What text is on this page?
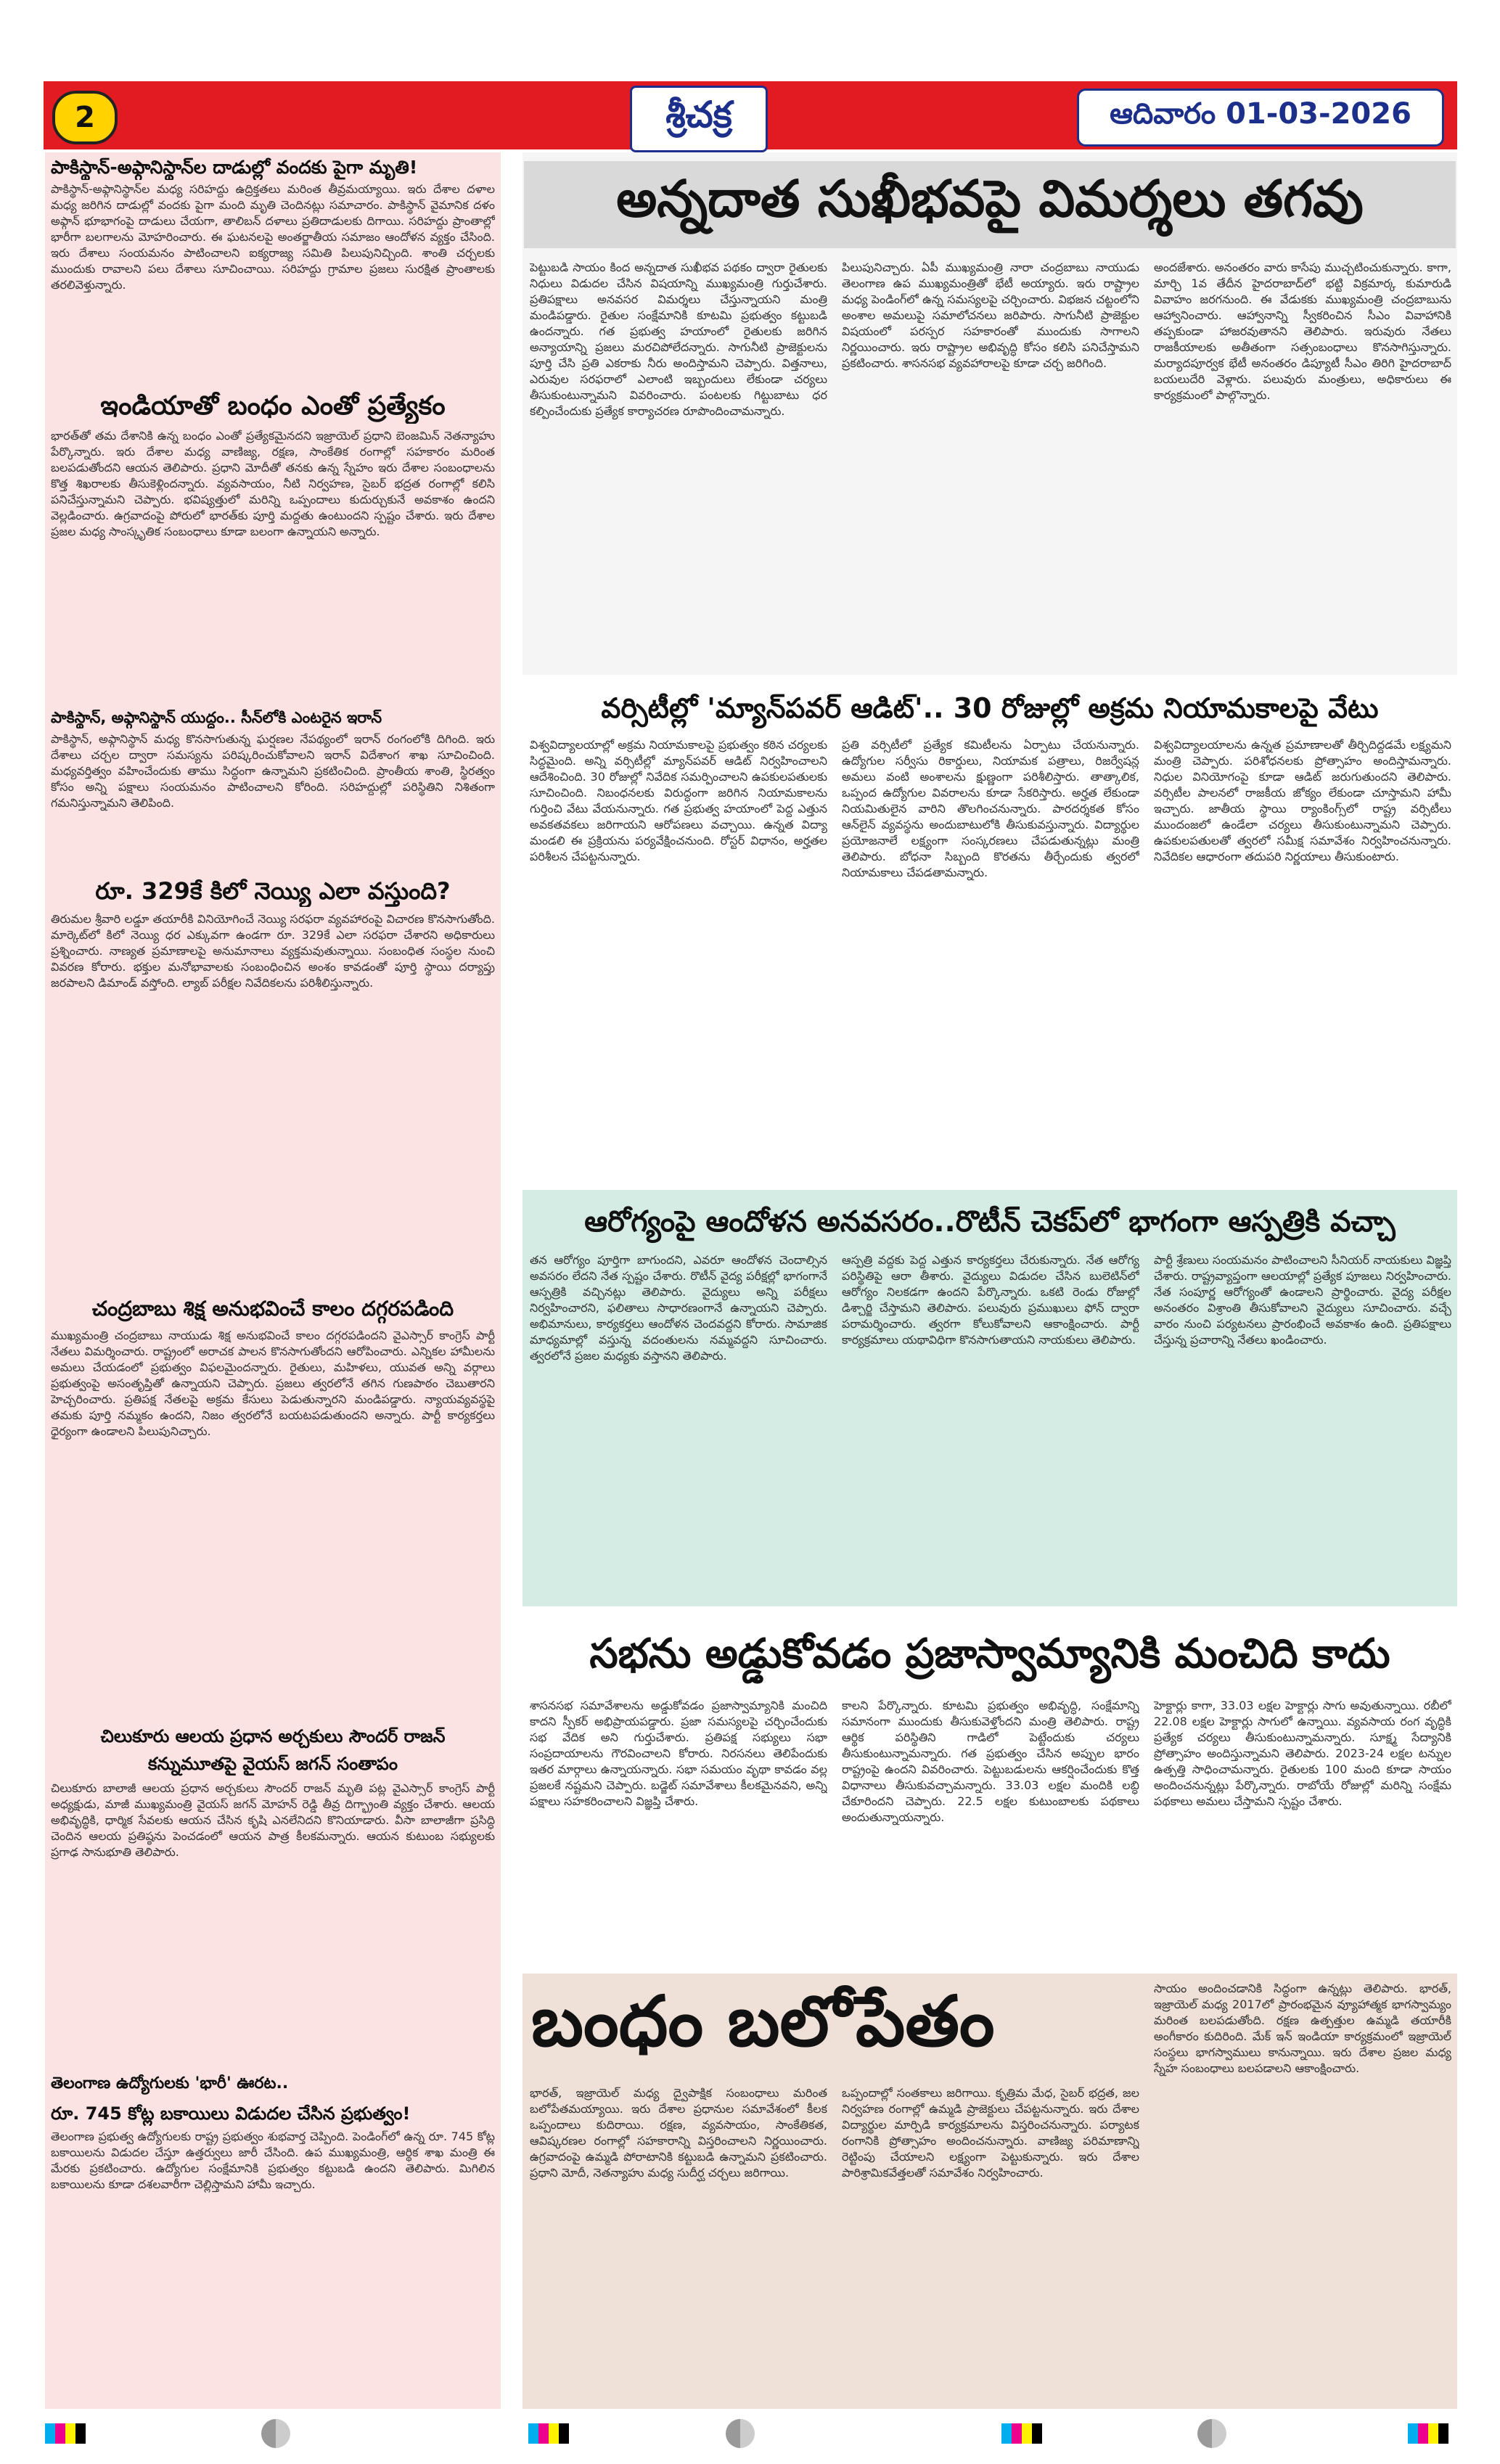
2	శ్రీచక్ర	ఆదివారం 01-03-2026
పాకిస్థాన్-అఫ్గానిస్థాన్‌ల దాడుల్లో వందకు పైగా మృతి!
పాకిస్థాన్-అఫ్గానిస్థాన్‌ల మధ్య సరిహద్దు ఉద్రిక్తతలు మరింత తీవ్రమయ్యాయి. ఇరు దేశాల దళాల మధ్య జరిగిన దాడుల్లో వందకు పైగా మంది మృతి చెందినట్లు సమాచారం. పాకిస్థాన్ వైమానిక దళం అఫ్గాన్ భూభాగంపై దాడులు చేయగా, తాలిబన్ దళాలు ప్రతిదాడులకు దిగాయి. సరిహద్దు ప్రాంతాల్లో భారీగా బలగాలను మోహరించారు. ఈ ఘటనలపై అంతర్జాతీయ సమాజం ఆందోళన వ్యక్తం చేసింది. ఇరు దేశాలు సంయమనం పాటించాలని ఐక్యరాజ్య సమితి పిలుపునిచ్చింది. శాంతి చర్చలకు ముందుకు రావాలని పలు దేశాలు సూచించాయి. సరిహద్దు గ్రామాల ప్రజలు సురక్షిత ప్రాంతాలకు తరలివెళ్తున్నారు.
ఇండియాతో బంధం ఎంతో ప్రత్యేకం
భారత్‌తో తమ దేశానికి ఉన్న బంధం ఎంతో ప్రత్యేకమైనదని ఇజ్రాయెల్ ప్రధాని బెంజమిన్ నెతన్యాహు పేర్కొన్నారు. ఇరు దేశాల మధ్య వాణిజ్య, రక్షణ, సాంకేతిక రంగాల్లో సహకారం మరింత బలపడుతోందని ఆయన తెలిపారు. ప్రధాని మోదీతో తనకు ఉన్న స్నేహం ఇరు దేశాల సంబంధాలను కొత్త శిఖరాలకు తీసుకెళ్లిందన్నారు. వ్యవసాయం, నీటి నిర్వహణ, సైబర్ భద్రత రంగాల్లో కలిసి పనిచేస్తున్నామని చెప్పారు. భవిష్యత్తులో మరిన్ని ఒప్పందాలు కుదుర్చుకునే అవకాశం ఉందని వెల్లడించారు. ఉగ్రవాదంపై పోరులో భారత్‌కు పూర్తి మద్దతు ఉంటుందని స్పష్టం చేశారు. ఇరు దేశాల ప్రజల మధ్య సాంస్కృతిక సంబంధాలు కూడా బలంగా ఉన్నాయని అన్నారు.
పాకిస్థాన్, అఫ్గానిస్థాన్ యుద్ధం.. సీన్‌లోకి ఎంటరైన ఇరాన్
పాకిస్థాన్, అఫ్గానిస్థాన్ మధ్య కొనసాగుతున్న ఘర్షణల నేపథ్యంలో ఇరాన్ రంగంలోకి దిగింది. ఇరు దేశాలు చర్చల ద్వారా సమస్యను పరిష్కరించుకోవాలని ఇరాన్ విదేశాంగ శాఖ సూచించింది. మధ్యవర్తిత్వం వహించేందుకు తాము సిద్ధంగా ఉన్నామని ప్రకటించింది. ప్రాంతీయ శాంతి, స్థిరత్వం కోసం అన్ని పక్షాలు సంయమనం పాటించాలని కోరింది. సరిహద్దుల్లో పరిస్థితిని నిశితంగా గమనిస్తున్నామని తెలిపింది.
రూ. 329కే కిలో నెయ్యి ఎలా వస్తుంది?
తిరుమల శ్రీవారి లడ్డూ తయారీకి వినియోగించే నెయ్యి సరఫరా వ్యవహారంపై విచారణ కొనసాగుతోంది. మార్కెట్‌లో కిలో నెయ్యి ధర ఎక్కువగా ఉండగా రూ. 329కే ఎలా సరఫరా చేశారని అధికారులు ప్రశ్నించారు. నాణ్యత ప్రమాణాలపై అనుమానాలు వ్యక్తమవుతున్నాయి. సంబంధిత సంస్థల నుంచి వివరణ కోరారు. భక్తుల మనోభావాలకు సంబంధించిన అంశం కావడంతో పూర్తి స్థాయి దర్యాప్తు జరపాలని డిమాండ్ వస్తోంది. ల్యాబ్ పరీక్షల నివేదికలను పరిశీలిస్తున్నారు.
చంద్రబాబు శిక్ష అనుభవించే కాలం దగ్గరపడింది
ముఖ్యమంత్రి చంద్రబాబు నాయుడు శిక్ష అనుభవించే కాలం దగ్గరపడిందని వైఎస్సార్ కాంగ్రెస్ పార్టీ నేతలు విమర్శించారు. రాష్ట్రంలో అరాచక పాలన కొనసాగుతోందని ఆరోపించారు. ఎన్నికల హామీలను అమలు చేయడంలో ప్రభుత్వం విఫలమైందన్నారు. రైతులు, మహిళలు, యువత అన్ని వర్గాలు ప్రభుత్వంపై అసంతృప్తితో ఉన్నాయని చెప్పారు. ప్రజలు త్వరలోనే తగిన గుణపాఠం చెబుతారని హెచ్చరించారు. ప్రతిపక్ష నేతలపై అక్రమ కేసులు పెడుతున్నారని మండిపడ్డారు. న్యాయవ్యవస్థపై తమకు పూర్తి నమ్మకం ఉందని, నిజం త్వరలోనే బయటపడుతుందని అన్నారు. పార్టీ కార్యకర్తలు ధైర్యంగా ఉండాలని పిలుపునిచ్చారు.
చిలుకూరు ఆలయ ప్రధాన అర్చకులు సౌందర్ రాజన్
కన్నుమూతపై వైయస్ జగన్ సంతాపం
చిలుకూరు బాలాజీ ఆలయ ప్రధాన అర్చకులు సౌందర్ రాజన్ మృతి పట్ల వైఎస్సార్ కాంగ్రెస్ పార్టీ అధ్యక్షుడు, మాజీ ముఖ్యమంత్రి వైయస్ జగన్ మోహన్ రెడ్డి తీవ్ర దిగ్భ్రాంతి వ్యక్తం చేశారు. ఆలయ అభివృద్ధికి, ధార్మిక సేవలకు ఆయన చేసిన కృషి ఎనలేనిదని కొనియాడారు. వీసా బాలాజీగా ప్రసిద్ధి చెందిన ఆలయ ప్రతిష్ఠను పెంచడంలో ఆయన పాత్ర కీలకమన్నారు. ఆయన కుటుంబ సభ్యులకు ప్రగాఢ సానుభూతి తెలిపారు.
తెలంగాణ ఉద్యోగులకు 'భారీ' ఊరట..
రూ. 745 కోట్ల బకాయిలు విడుదల చేసిన ప్రభుత్వం!
తెలంగాణ ప్రభుత్వ ఉద్యోగులకు రాష్ట్ర ప్రభుత్వం శుభవార్త చెప్పింది. పెండింగ్‌లో ఉన్న రూ. 745 కోట్ల బకాయిలను విడుదల చేస్తూ ఉత్తర్వులు జారీ చేసింది. ఉప ముఖ్యమంత్రి, ఆర్థిక శాఖ మంత్రి ఈ మేరకు ప్రకటించారు. ఉద్యోగుల సంక్షేమానికి ప్రభుత్వం కట్టుబడి ఉందని తెలిపారు. మిగిలిన బకాయిలను కూడా దశలవారీగా చెల్లిస్తామని హామీ ఇచ్చారు.
అన్నదాత సుఖీభవపై విమర్శలు తగవు
పెట్టుబడి సాయం కింద అన్నదాత సుఖీభవ పథకం ద్వారా రైతులకు నిధులు విడుదల చేసిన విషయాన్ని ముఖ్యమంత్రి గుర్తుచేశారు. ప్రతిపక్షాలు అనవసర విమర్శలు చేస్తున్నాయని మంత్రి మండిపడ్డారు. రైతుల సంక్షేమానికి కూటమి ప్రభుత్వం కట్టుబడి ఉందన్నారు. గత ప్రభుత్వ హయాంలో రైతులకు జరిగిన అన్యాయాన్ని ప్రజలు మరచిపోలేదన్నారు. సాగునీటి ప్రాజెక్టులను పూర్తి చేసి ప్రతి ఎకరాకు నీరు అందిస్తామని చెప్పారు. విత్తనాలు, ఎరువుల సరఫరాలో ఎలాంటి ఇబ్బందులు లేకుండా చర్యలు తీసుకుంటున్నామని వివరించారు. పంటలకు గిట్టుబాటు ధర కల్పించేందుకు ప్రత్యేక కార్యాచరణ రూపొందించామన్నారు.
పిలుపునిచ్చారు. ఏపీ ముఖ్యమంత్రి నారా చంద్రబాబు నాయుడు తెలంగాణ ఉప ముఖ్యమంత్రితో భేటీ అయ్యారు. ఇరు రాష్ట్రాల మధ్య పెండింగ్‌లో ఉన్న సమస్యలపై చర్చించారు. విభజన చట్టంలోని అంశాల అమలుపై సమాలోచనలు జరిపారు. సాగునీటి ప్రాజెక్టుల విషయంలో పరస్పర సహకారంతో ముందుకు సాగాలని నిర్ణయించారు. ఇరు రాష్ట్రాల అభివృద్ధి కోసం కలిసి పనిచేస్తామని ప్రకటించారు. శాసనసభ వ్యవహారాలపై కూడా చర్చ జరిగింది.
అందజేశారు. అనంతరం వారు కాసేపు ముచ్చటించుకున్నారు. కాగా, మార్చి 1వ తేదీన హైదరాబాద్‌లో భట్టి విక్రమార్క కుమారుడి వివాహం జరగనుంది. ఈ వేడుకకు ముఖ్యమంత్రి చంద్రబాబును ఆహ్వానించారు. ఆహ్వానాన్ని స్వీకరించిన సీఎం వివాహానికి తప్పకుండా హాజరవుతానని తెలిపారు. ఇరువురు నేతలు రాజకీయాలకు అతీతంగా సత్సంబంధాలు కొనసాగిస్తున్నారు. మర్యాదపూర్వక భేటీ అనంతరం డిప్యూటీ సీఎం తిరిగి హైదరాబాద్ బయలుదేరి వెళ్లారు. పలువురు మంత్రులు, అధికారులు ఈ కార్యక్రమంలో పాల్గొన్నారు.
వర్సిటీల్లో 'మ్యాన్‌పవర్ ఆడిట్'.. 30 రోజుల్లో అక్రమ నియామకాలపై వేటు
విశ్వవిద్యాలయాల్లో అక్రమ నియామకాలపై ప్రభుత్వం కఠిన చర్యలకు సిద్ధమైంది. అన్ని వర్సిటీల్లో మ్యాన్‌పవర్ ఆడిట్ నిర్వహించాలని ఆదేశించింది. 30 రోజుల్లో నివేదిక సమర్పించాలని ఉపకులపతులకు సూచించింది. నిబంధనలకు విరుద్ధంగా జరిగిన నియామకాలను గుర్తించి వేటు వేయనున్నారు. గత ప్రభుత్వ హయాంలో పెద్ద ఎత్తున అవకతవకలు జరిగాయని ఆరోపణలు వచ్చాయి. ఉన్నత విద్యా మండలి ఈ ప్రక్రియను పర్యవేక్షించనుంది. రోస్టర్ విధానం, అర్హతల పరిశీలన చేపట్టనున్నారు.
ప్రతి వర్సిటీలో ప్రత్యేక కమిటీలను ఏర్పాటు చేయనున్నారు. ఉద్యోగుల సర్వీసు రికార్డులు, నియామక పత్రాలు, రిజర్వేషన్ల అమలు వంటి అంశాలను క్షుణ్ణంగా పరిశీలిస్తారు. తాత్కాలిక, ఒప్పంద ఉద్యోగుల వివరాలను కూడా సేకరిస్తారు. అర్హత లేకుండా నియమితులైన వారిని తొలగించనున్నారు. పారదర్శకత కోసం ఆన్‌లైన్ వ్యవస్థను అందుబాటులోకి తీసుకువస్తున్నారు. విద్యార్థుల ప్రయోజనాలే లక్ష్యంగా సంస్కరణలు చేపడుతున్నట్లు మంత్రి తెలిపారు. బోధనా సిబ్బంది కొరతను తీర్చేందుకు త్వరలో నియామకాలు చేపడతామన్నారు.
విశ్వవిద్యాలయాలను ఉన్నత ప్రమాణాలతో తీర్చిదిద్దడమే లక్ష్యమని మంత్రి చెప్పారు. పరిశోధనలకు ప్రోత్సాహం అందిస్తామన్నారు. నిధుల వినియోగంపై కూడా ఆడిట్ జరుగుతుందని తెలిపారు. వర్సిటీల పాలనలో రాజకీయ జోక్యం లేకుండా చూస్తామని హామీ ఇచ్చారు. జాతీయ స్థాయి ర్యాంకింగ్స్‌లో రాష్ట్ర వర్సిటీలు ముందంజలో ఉండేలా చర్యలు తీసుకుంటున్నామని చెప్పారు. ఉపకులపతులతో త్వరలో సమీక్ష సమావేశం నిర్వహించనున్నారు. నివేదికల ఆధారంగా తదుపరి నిర్ణయాలు తీసుకుంటారు.
ఆరోగ్యంపై ఆందోళన అనవసరం..రొటీన్ చెకప్‌లో భాగంగా ఆస్పత్రికి వచ్చా
తన ఆరోగ్యం పూర్తిగా బాగుందని, ఎవరూ ఆందోళన చెందాల్సిన అవసరం లేదని నేత స్పష్టం చేశారు. రొటీన్ వైద్య పరీక్షల్లో భాగంగానే ఆస్పత్రికి వచ్చినట్లు తెలిపారు. వైద్యులు అన్ని పరీక్షలు నిర్వహించారని, ఫలితాలు సాధారణంగానే ఉన్నాయని చెప్పారు. అభిమానులు, కార్యకర్తలు ఆందోళన చెందవద్దని కోరారు. సామాజిక మాధ్యమాల్లో వస్తున్న వదంతులను నమ్మవద్దని సూచించారు. త్వరలోనే ప్రజల మధ్యకు వస్తానని తెలిపారు.
ఆస్పత్రి వద్దకు పెద్ద ఎత్తున కార్యకర్తలు చేరుకున్నారు. నేత ఆరోగ్య పరిస్థితిపై ఆరా తీశారు. వైద్యులు విడుదల చేసిన బులెటిన్‌లో ఆరోగ్యం నిలకడగా ఉందని పేర్కొన్నారు. ఒకటి రెండు రోజుల్లో డిశ్చార్జి చేస్తామని తెలిపారు. పలువురు ప్రముఖులు ఫోన్ ద్వారా పరామర్శించారు. త్వరగా కోలుకోవాలని ఆకాంక్షించారు. పార్టీ కార్యక్రమాలు యథావిధిగా కొనసాగుతాయని నాయకులు తెలిపారు.
పార్టీ శ్రేణులు సంయమనం పాటించాలని సీనియర్ నాయకులు విజ్ఞప్తి చేశారు. రాష్ట్రవ్యాప్తంగా ఆలయాల్లో ప్రత్యేక పూజలు నిర్వహించారు. నేత సంపూర్ణ ఆరోగ్యంతో ఉండాలని ప్రార్థించారు. వైద్య పరీక్షల అనంతరం విశ్రాంతి తీసుకోవాలని వైద్యులు సూచించారు. వచ్చే వారం నుంచి పర్యటనలు ప్రారంభించే అవకాశం ఉంది. ప్రతిపక్షాలు చేస్తున్న ప్రచారాన్ని నేతలు ఖండించారు.
సభను అడ్డుకోవడం ప్రజాస్వామ్యానికి మంచిది కాదు
శాసనసభ సమావేశాలను అడ్డుకోవడం ప్రజాస్వామ్యానికి మంచిది కాదని స్పీకర్ అభిప్రాయపడ్డారు. ప్రజా సమస్యలపై చర్చించేందుకు సభ వేదిక అని గుర్తుచేశారు. ప్రతిపక్ష సభ్యులు సభా సంప్రదాయాలను గౌరవించాలని కోరారు. నిరసనలు తెలిపేందుకు ఇతర మార్గాలు ఉన్నాయన్నారు. సభా సమయం వృథా కావడం వల్ల ప్రజలకే నష్టమని చెప్పారు. బడ్జెట్ సమావేశాలు కీలకమైనవని, అన్ని పక్షాలు సహకరించాలని విజ్ఞప్తి చేశారు.
కాలని పేర్కొన్నారు. కూటమి ప్రభుత్వం అభివృద్ధి, సంక్షేమాన్ని సమానంగా ముందుకు తీసుకువెళ్తోందని మంత్రి తెలిపారు. రాష్ట్ర ఆర్థిక పరిస్థితిని గాడిలో పెట్టేందుకు చర్యలు తీసుకుంటున్నామన్నారు. గత ప్రభుత్వం చేసిన అప్పుల భారం రాష్ట్రంపై ఉందని వివరించారు. పెట్టుబడులను ఆకర్షించేందుకు కొత్త విధానాలు తీసుకువచ్చామన్నారు. 33.03 లక్షల మందికి లబ్ధి చేకూరిందని చెప్పారు. 22.5 లక్షల కుటుంబాలకు పథకాలు అందుతున్నాయన్నారు.
హెక్టార్లు కాగా, 33.03 లక్షల హెక్టార్లు సాగు అవుతున్నాయి. రబీలో 22.08 లక్షల హెక్టార్లు సాగులో ఉన్నాయి. వ్యవసాయ రంగ వృద్ధికి ప్రత్యేక చర్యలు తీసుకుంటున్నామన్నారు. సూక్ష్మ సేద్యానికి ప్రోత్సాహం అందిస్తున్నామని తెలిపారు. 2023-24 లక్షల టన్నుల ఉత్పత్తి సాధించామన్నారు. రైతులకు 100 మంది కూడా సాయం అందించనున్నట్లు పేర్కొన్నారు. రాబోయే రోజుల్లో మరిన్ని సంక్షేమ పథకాలు అమలు చేస్తామని స్పష్టం చేశారు.
బంధం బలోపేతం
భారత్, ఇజ్రాయెల్ మధ్య ద్వైపాక్షిక సంబంధాలు మరింత బలోపేతమయ్యాయి. ఇరు దేశాల ప్రధానుల సమావేశంలో కీలక ఒప్పందాలు కుదిరాయి. రక్షణ, వ్యవసాయం, సాంకేతికత, ఆవిష్కరణల రంగాల్లో సహకారాన్ని విస్తరించాలని నిర్ణయించారు. ఉగ్రవాదంపై ఉమ్మడి పోరాటానికి కట్టుబడి ఉన్నామని ప్రకటించారు. ప్రధాని మోదీ, నెతన్యాహు మధ్య సుదీర్ఘ చర్చలు జరిగాయి.
ఒప్పందాల్లో సంతకాలు జరిగాయి. కృత్రిమ మేధ, సైబర్ భద్రత, జల నిర్వహణ రంగాల్లో ఉమ్మడి ప్రాజెక్టులు చేపట్టనున్నారు. ఇరు దేశాల విద్యార్థుల మార్పిడి కార్యక్రమాలను విస్తరించనున్నారు. పర్యాటక రంగానికి ప్రోత్సాహం అందించనున్నారు. వాణిజ్య పరిమాణాన్ని రెట్టింపు చేయాలని లక్ష్యంగా పెట్టుకున్నారు. ఇరు దేశాల పారిశ్రామికవేత్తలతో సమావేశం నిర్వహించారు.
సాయం అందించడానికి సిద్ధంగా ఉన్నట్లు తెలిపారు. భారత్, ఇజ్రాయెల్ మధ్య 2017లో ప్రారంభమైన వ్యూహాత్మక భాగస్వామ్యం మరింత బలపడుతోంది. రక్షణ ఉత్పత్తుల ఉమ్మడి తయారీకి అంగీకారం కుదిరింది. మేక్ ఇన్ ఇండియా కార్యక్రమంలో ఇజ్రాయెల్ సంస్థలు భాగస్వాములు కానున్నాయి. ఇరు దేశాల ప్రజల మధ్య స్నేహ సంబంధాలు బలపడాలని ఆకాంక్షించారు.
